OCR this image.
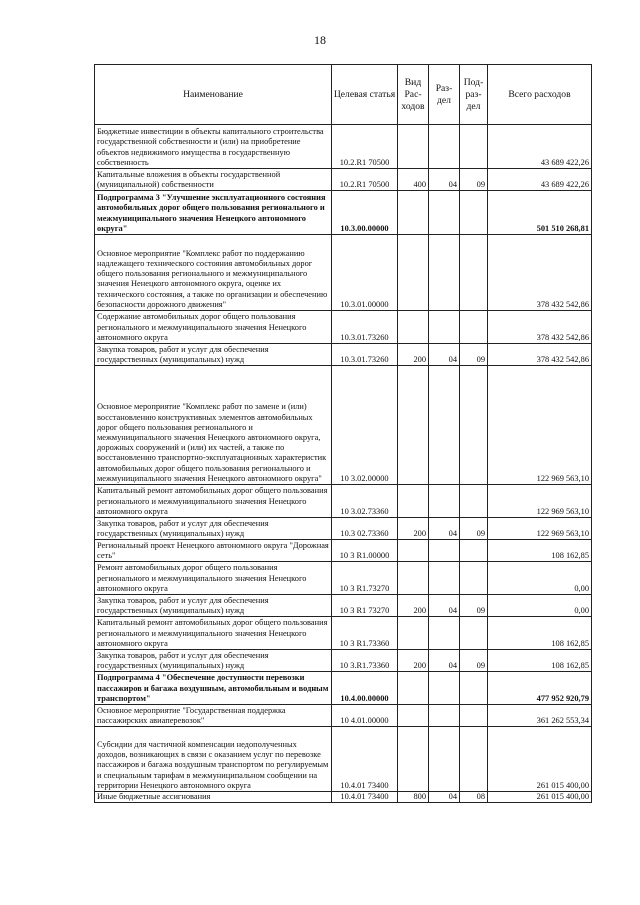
18
Наименование	Целевая статья	Вид Рас- ходов	Раз- дел	Под- раз- дел	Всего расходов
Бюджетные инвестиции в объекты капитального строительства государственной собственности и (или) на приобретение объектов недвижимого имущества в государственную собственность	10.2.R1 70500				43 689 422,26
Капитальные вложения в объекты государственной (муниципальной) собственности	10.2.R1 70500	400	04	09	43 689 422,26
Подпрограмма 3 "Улучшение эксплуатационного состояния автомобильных дорог общего пользования регионального и межмуниципального значения Ненецкого автономного округа"	10.3.00.00000				501 510 268,81
Основное мероприятие "Комплекс работ по поддержанию надлежащего технического состояния автомобильных дорог общего пользования регионального и межмуниципального значения Ненецкого автономного округа, оценке их технического состояния, а также по организации и обеспечению безопасности дорожного движения"	10.3.01.00000				378 432 542,86
Содержание автомобильных дорог общего пользования регионального и межмуниципального значения Ненецкого автономного округа	10.3.01.73260				378 432 542,86
Закупка товаров, работ и услуг для обеспечения государственных (муниципальных) нужд	10.3.01.73260	200	04	09	378 432 542,86
Основное мероприятие "Комплекс работ по замене и (или) восстановлению конструктивных элементов автомобильных дорог общего пользования регионального и межмуниципального значения Ненецкого автономного округа, дорожных сооружений и (или) их частей, а также по восстановлению транспортно-эксплуатационных характеристик автомобильных дорог общего пользования регионального и межмуниципального значения Ненецкого автономного округа"	10 3.02.00000				122 969 563,10
Капитальный ремонт автомобильных дорог общего пользования регионального и межмуниципального значения Ненецкого автономного округа	10 3.02.73360				122 969 563,10
Закупка товаров, работ и услуг для обеспечения государственных (муниципальных) нужд	10.3 02.73360	200	04	09	122 969 563,10
Региональный проект Ненецкого автономного округа "Дорожная сеть"	10 3 R1.00000				108 162,85
Ремонт автомобильных дорог общего пользования регионального и межмуниципального значения Ненецкого автономного округа	10 3 R1.73270				0,00
Закупка товаров, работ и услуг для обеспечения государственных (муниципальных) нужд	10 3 R1 73270	200	04	09	0,00
Капитальный ремонт автомобильных дорог общего пользования регионального и межмуниципального значения Ненецкого автономного округа	10 3 R1.73360				108 162,85
Закупка товаров, работ и услуг для обеспечения государственных (муниципальных) нужд	10 3.R1.73360	200	04	09	108 162,85
Подпрограмма 4 "Обеспечение доступности перевозки пассажиров и багажа воздушным, автомобильным и водным транспортом"	10.4.00.00000				477 952 920,79
Основное мероприятие "Государственная поддержка пассажирских авиаперевозок"	10 4.01.00000				361 262 553,34
Субсидии для частичной компенсации недополученных доходов, возникающих в связи с оказанием услуг по перевозке пассажиров и багажа воздушным транспортом по регулируемым и специальным тарифам в межмуниципальном сообщении на территории Ненецкого автономного округа	10.4.01 73400				261 015 400,00
Иные бюджетные ассигнования	10.4.01 73400	800	04	08	261 015 400,00
